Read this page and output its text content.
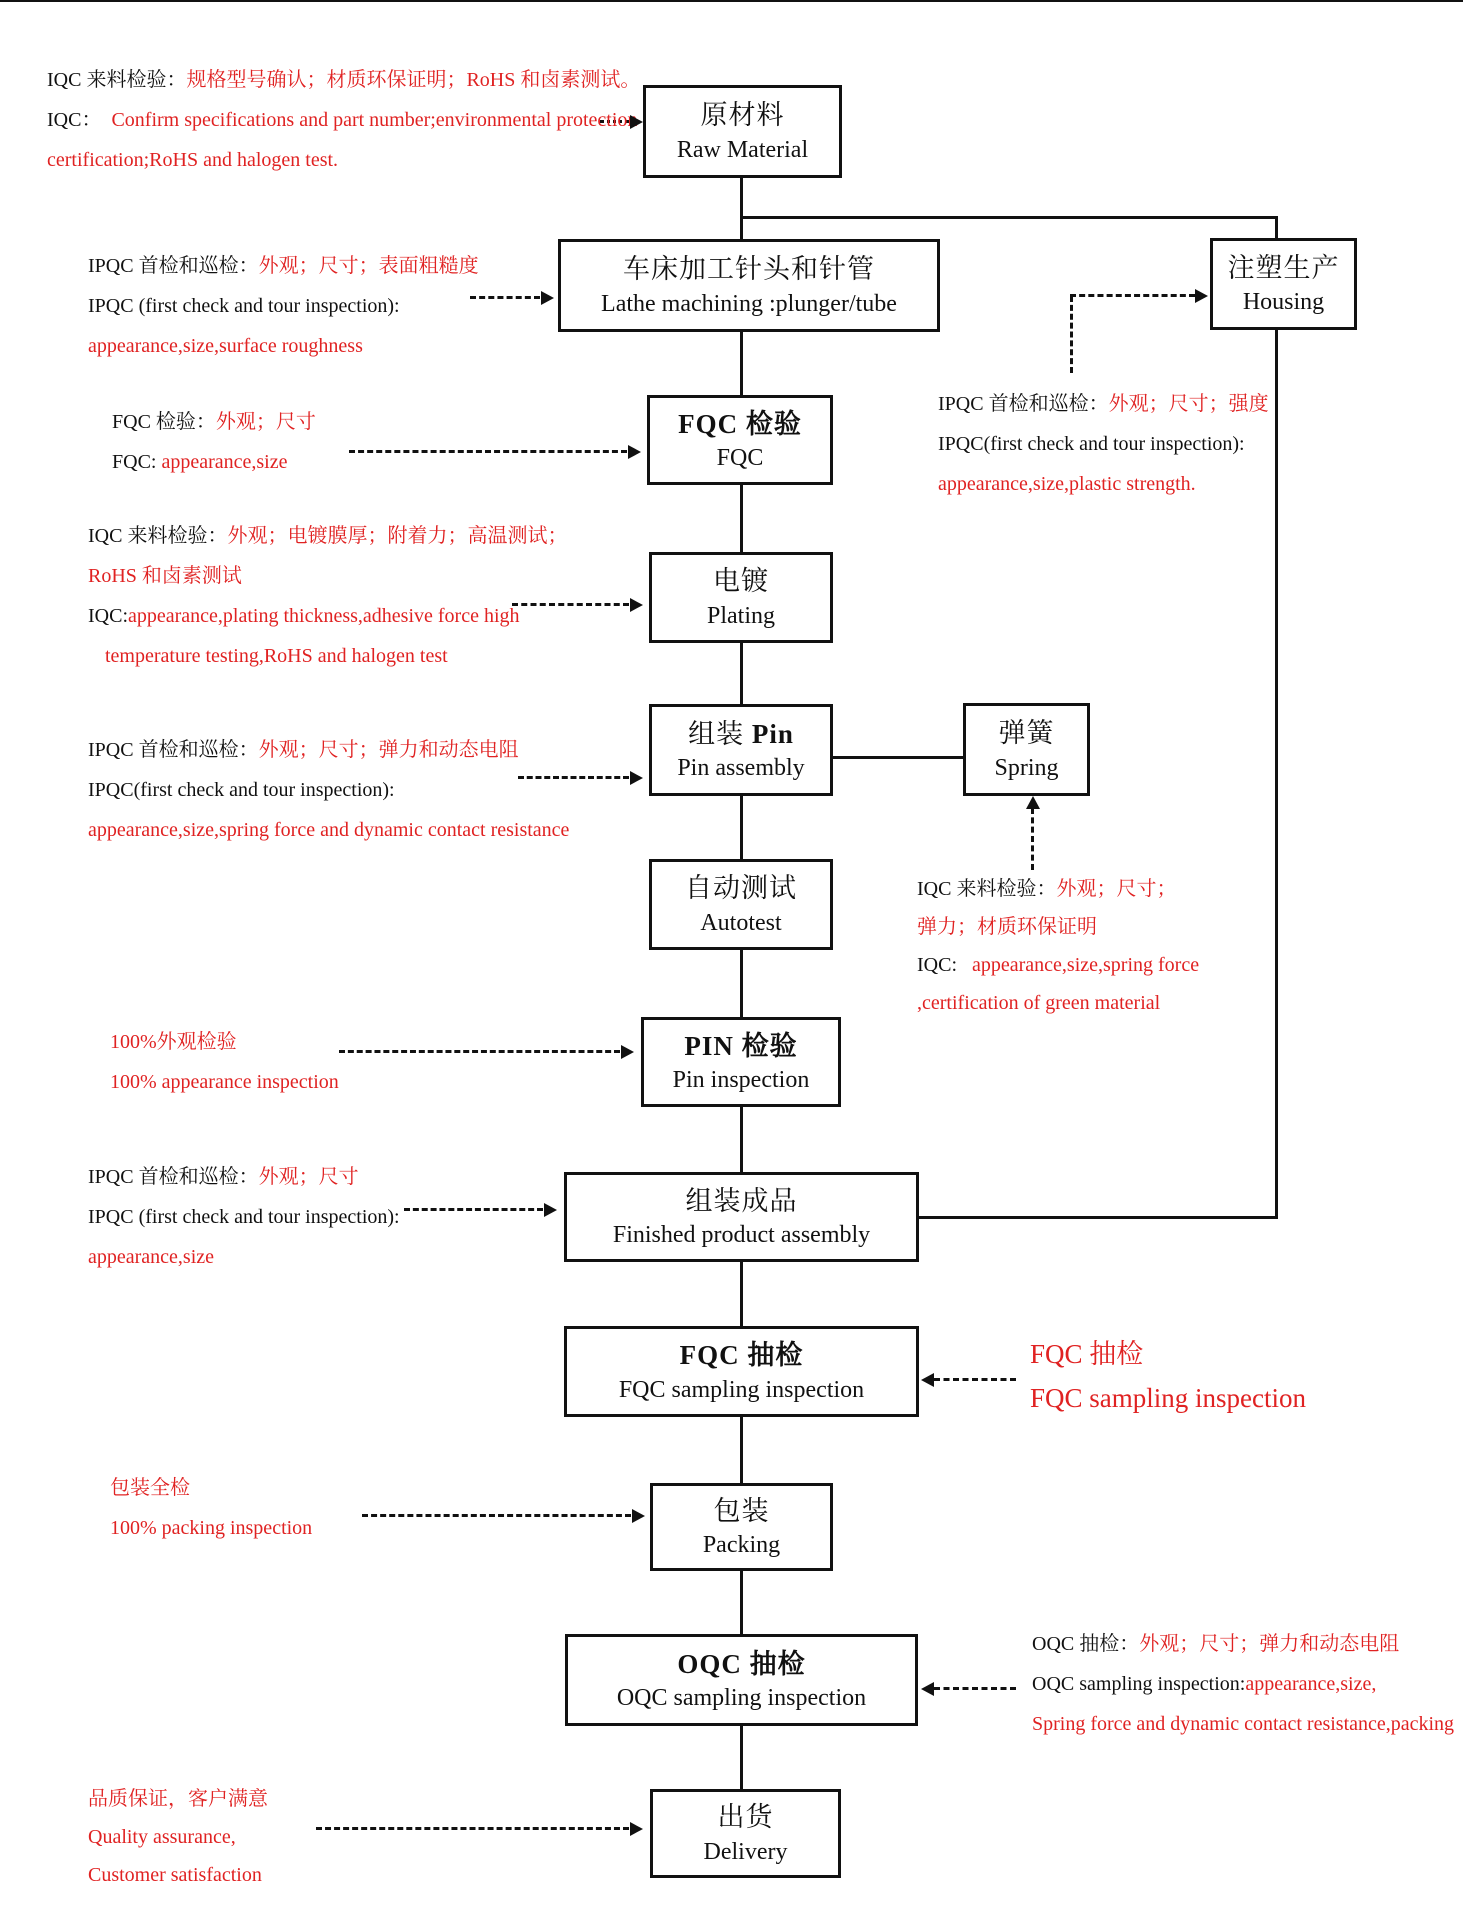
原材料
Raw Material
车床加工针头和针管
Lathe machining :plunger/tube
注塑生产
Housing
FQC 检验
FQC
电镀
Plating
组装 Pin
Pin assembly
弹簧
Spring
自动测试
Autotest
PIN 检验
Pin inspection
组装成品
Finished product assembly
FQC 抽检
FQC sampling inspection
包装
Packing
OQC 抽检
OQC sampling inspection
出货
Delivery
IQC 来料检验：规格型号确认；材质环保证明；RoHS 和卤素测试。
IQC：  Confirm specifications and part number;environmental protection
certification;RoHS and halogen test.
IPQC 首检和巡检：外观；尺寸；表面粗糙度
IPQC (first check and tour inspection):
appearance,size,surface roughness
FQC 检验：外观；尺寸
FQC: appearance,size
IQC 来料检验：外观；电镀膜厚；附着力；高温测试；
RoHS 和卤素测试
IQC:appearance,plating thickness,adhesive force high
temperature testing,RoHS and halogen test
IPQC 首检和巡检：外观；尺寸；弹力和动态电阻
IPQC(first check and tour inspection):
appearance,size,spring force and dynamic contact resistance
100%外观检验
100% appearance inspection
IPQC 首检和巡检：外观；尺寸
IPQC (first check and tour inspection):
appearance,size
包装全检
100% packing inspection
品质保证，客户满意
Quality assurance,
Customer satisfaction
IPQC 首检和巡检：外观；尺寸；强度
IPQC(first check and tour inspection):
appearance,size,plastic strength.
IQC 来料检验：外观；尺寸；
弹力；材质环保证明
IQC:   appearance,size,spring force
,certification of green material
FQC 抽检
FQC sampling inspection
OQC 抽检：外观；尺寸；弹力和动态电阻
OQC sampling inspection:appearance,size,
Spring force and dynamic contact resistance,packing
